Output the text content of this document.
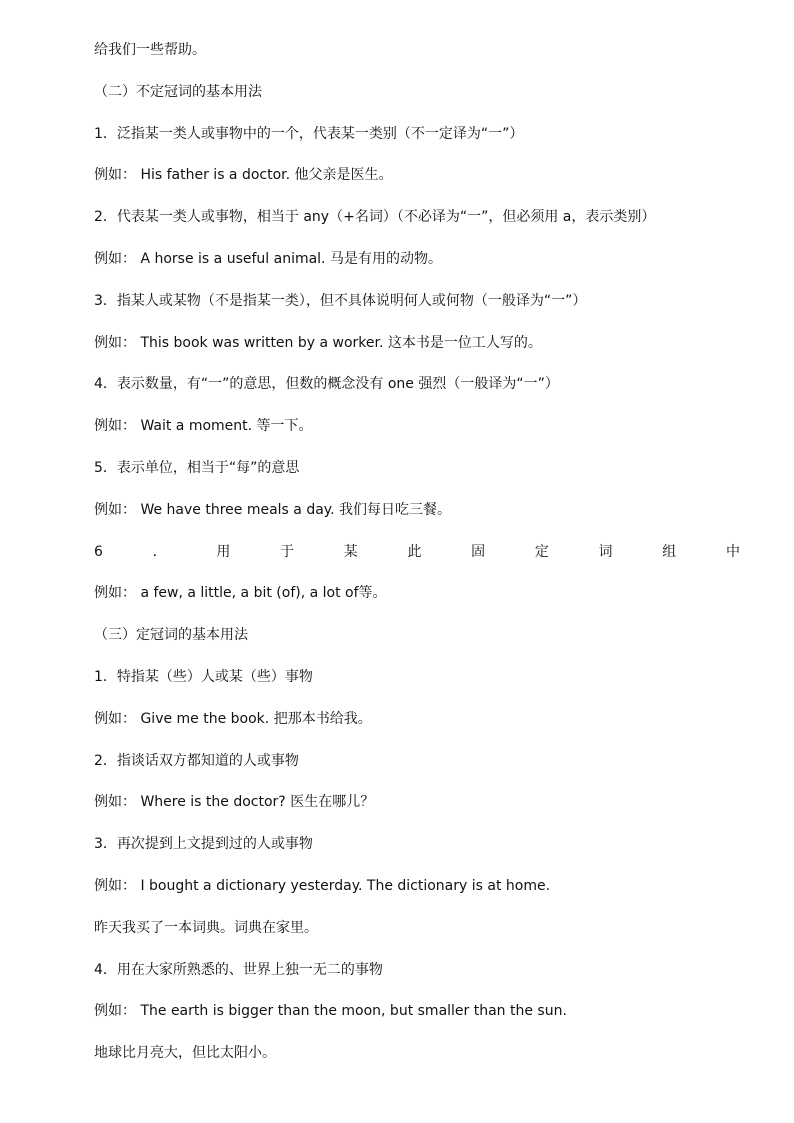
给我们一些帮助。
（二）不定冠词的基本用法
1．泛指某一类人或事物中的一个，代表某一类别（不一定译为“一”）
例如： His father is a doctor. 他父亲是医生。
2．代表某一类人或事物，相当于 any（+名词）（不必译为“一”，但必须用 a，表示类别）
例如： A horse is a useful animal. 马是有用的动物。
3．指某人或某物（不是指某一类），但不具体说明何人或何物（一般译为“一”）
例如： This book was written by a worker. 这本书是一位工人写的。
4．表示数量，有“一”的意思，但数的概念没有 one 强烈（一般译为“一”）
例如： Wait a moment. 等一下。
5．表示单位，相当于“每”的意思
例如： We have three meals a day. 我们每日吃三餐。
6	．	用	于	某	此	固	定	词	组	中
例如： a few, a little, a bit (of), a lot of等。
（三）定冠词的基本用法
1．特指某（些）人或某（些）事物
例如： Give me the book. 把那本书给我。
2．指谈话双方都知道的人或事物
例如： Where is the doctor? 医生在哪儿？
3．再次提到上文提到过的人或事物
例如： I bought a dictionary yesterday. The dictionary is at home.
昨天我买了一本词典。词典在家里。
4．用在大家所熟悉的、世界上独一无二的事物
例如： The earth is bigger than the moon, but smaller than the sun.
地球比月亮大，但比太阳小。
